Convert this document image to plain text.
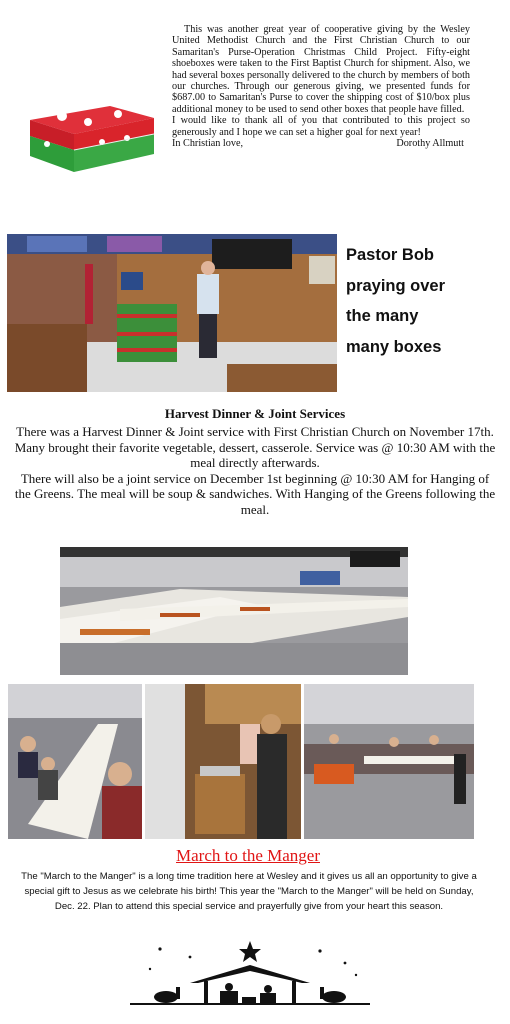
This was another great year of cooperative giving by the Wesley United Methodist Church and the First Christian Church to our Samaritan's Purse-Operation Christmas Child Project. Fifty-eight shoeboxes were taken to the First Baptist Church for shipment. Also, we had several boxes personally delivered to the church by members of both our churches. Through our generous giving, we presented funds for $687.00 to Samaritan's Purse to cover the shipping cost of $10/box plus additional money to be used to send other boxes that people have filled.

I would like to thank all of you that contributed to this project so generously and I hope we can set a higher goal for next year!

In Christian love,	Dorothy Allmutt
Pastor Bob
praying over
the many
many boxes
Harvest Dinner & Joint Services

There was a Harvest Dinner & Joint service with First Christian Church on November 17th. Many brought their favorite vegetable, dessert, casserole. Service was @ 10:30 AM with the meal directly afterwards.

There will also be a joint service on December 1st beginning @ 10:30 AM for Hanging of the Greens. The meal will be soup & sandwiches. With Hanging of the Greens following the meal.

March to the Manger
The "March to the Manger" is a long time tradition here at Wesley and it gives us all an opportunity to give a special gift to Jesus as we celebrate his birth! This year the "March to the Manger" will be held on Sunday, Dec. 22. Plan to attend this special service and prayerfully give from your heart this season.
